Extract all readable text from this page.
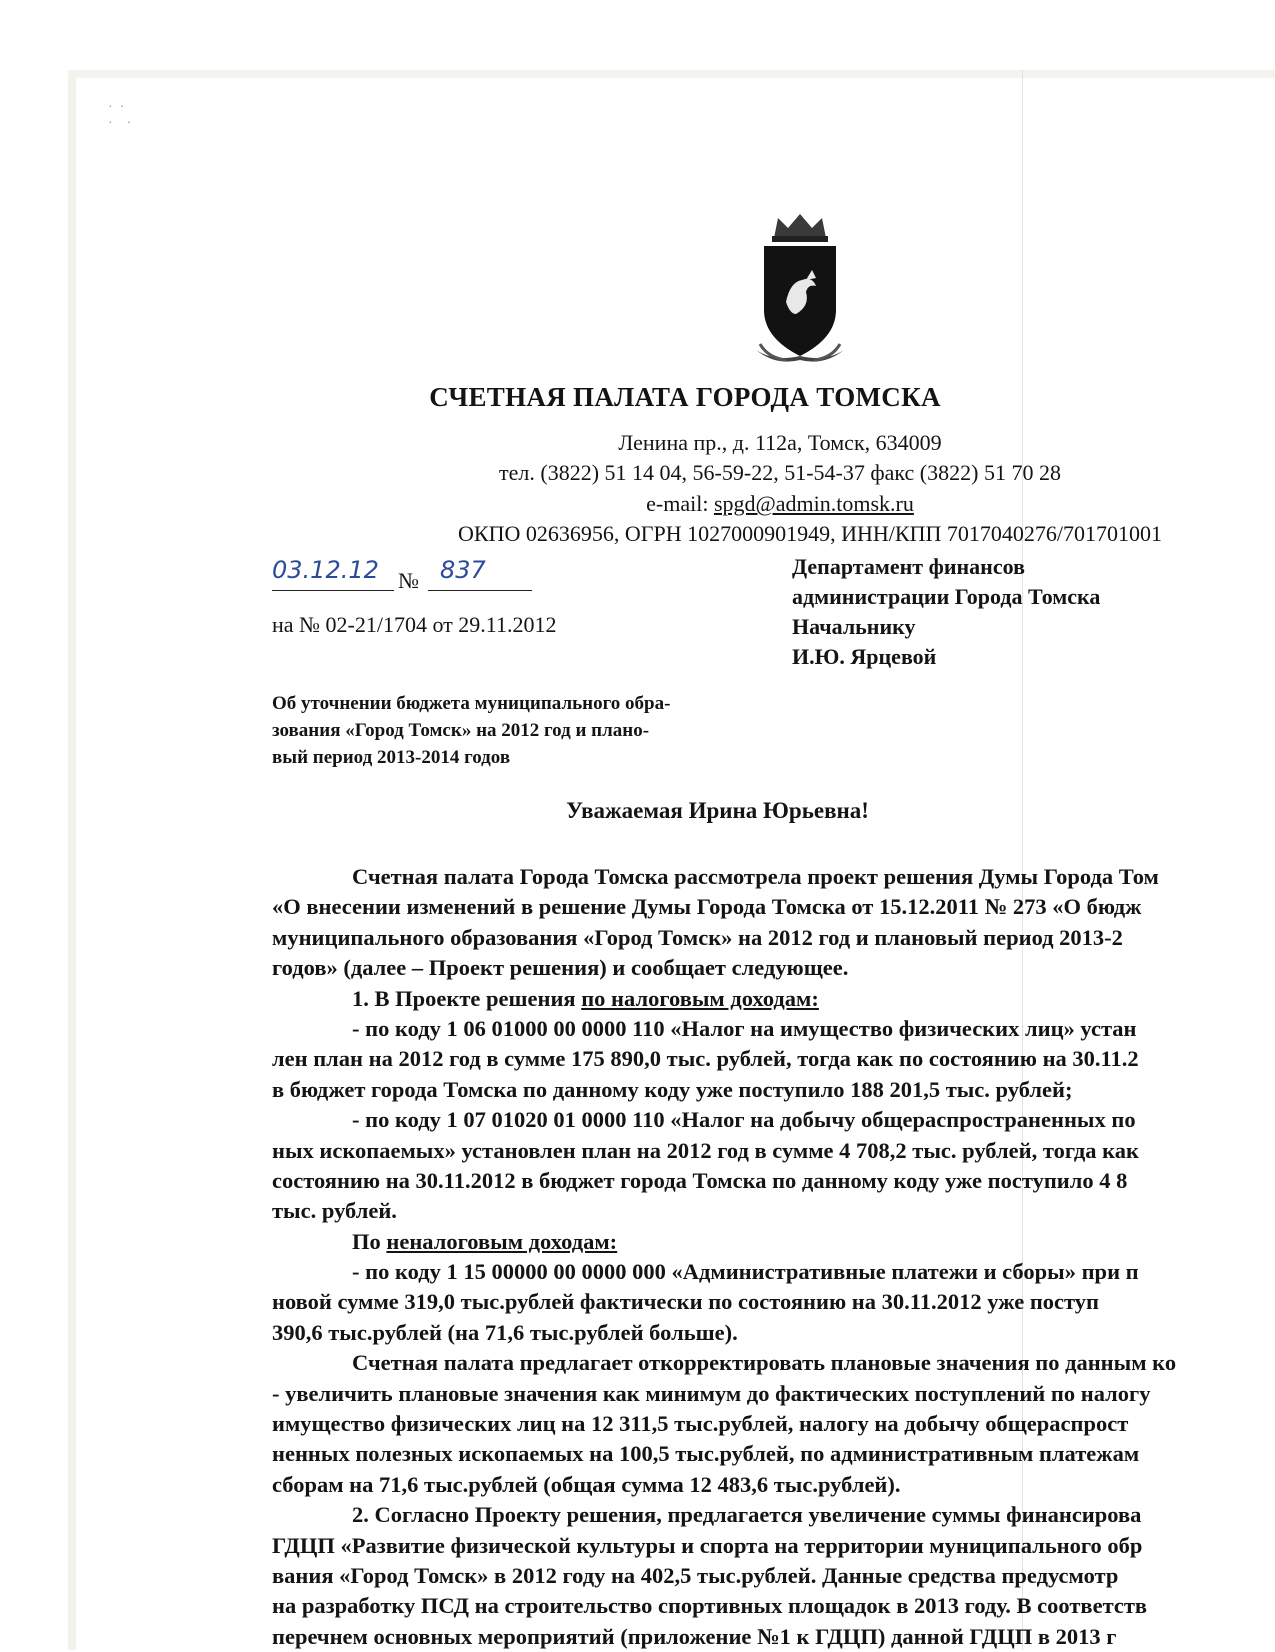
·  ·
·    ·
СЧЕТНАЯ ПАЛАТА ГОРОДА ТОМСКА
Ленина пр., д. 112а, Томск, 634009
тел. (3822) 51 14 04, 56-59-22, 51-54-37 факс (3822) 51 70 28
e-mail: spgd@admin.tomsk.ru
ОКПО 02636956, ОГРН 1027000901949, ИНН/КПП 7017040276/701701001
03.12.12 № 837
на № 02-21/1704 от 29.11.2012
Департамент финансов
администрации Города Томска
Начальнику
И.Ю. Ярцевой
Об уточнении бюджета муниципального обра-
зования «Город Томск» на 2012 год и плано-
вый период 2013-2014 годов
Уважаемая Ирина Юрьевна!
Счетная палата Города Томска рассмотрела проект решения Думы Города Том
«О внесении изменений в решение Думы Города Томска от 15.12.2011 № 273 «О бюдж
муниципального образования «Город Томск» на 2012 год и плановый период 2013-2
годов» (далее – Проект решения) и сообщает следующее.
1. В Проекте решения по налоговым доходам:
- по коду 1 06 01000 00 0000 110 «Налог на имущество физических лиц» устан
лен план на 2012 год в сумме 175 890,0 тыс. рублей, тогда как по состоянию на 30.11.2
в бюджет города Томска по данному коду уже поступило 188 201,5 тыс. рублей;
- по коду 1 07 01020 01 0000 110 «Налог на добычу общераспространенных по
ных ископаемых» установлен план на 2012 год в сумме 4 708,2 тыс. рублей, тогда как
состоянию на 30.11.2012 в бюджет города Томска по данному коду уже поступило 4 8
тыс. рублей.
По неналоговым доходам:
- по коду 1 15 00000 00 0000 000 «Административные платежи и сборы» при п
новой сумме 319,0 тыс.рублей фактически по состоянию на 30.11.2012 уже поступ
390,6 тыс.рублей (на 71,6 тыс.рублей больше).
Счетная палата предлагает откорректировать плановые значения по данным ко
- увеличить плановые значения как минимум до фактических поступлений по налогу
имущество физических лиц на 12 311,5 тыс.рублей, налогу на добычу общераспрост
ненных полезных ископаемых на 100,5 тыс.рублей, по административным платежам
сборам на 71,6 тыс.рублей (общая сумма 12 483,6 тыс.рублей).
2. Согласно Проекту решения, предлагается увеличение суммы финансирова
ГДЦП «Развитие физической культуры и спорта на территории муниципального обр
вания «Город Томск» в 2012 году на 402,5 тыс.рублей. Данные средства предусмотр
на разработку ПСД на строительство спортивных площадок в 2013 году. В соответств
перечнем основных мероприятий (приложение №1 к ГДЦП) данной ГДЦП в 2013 г
